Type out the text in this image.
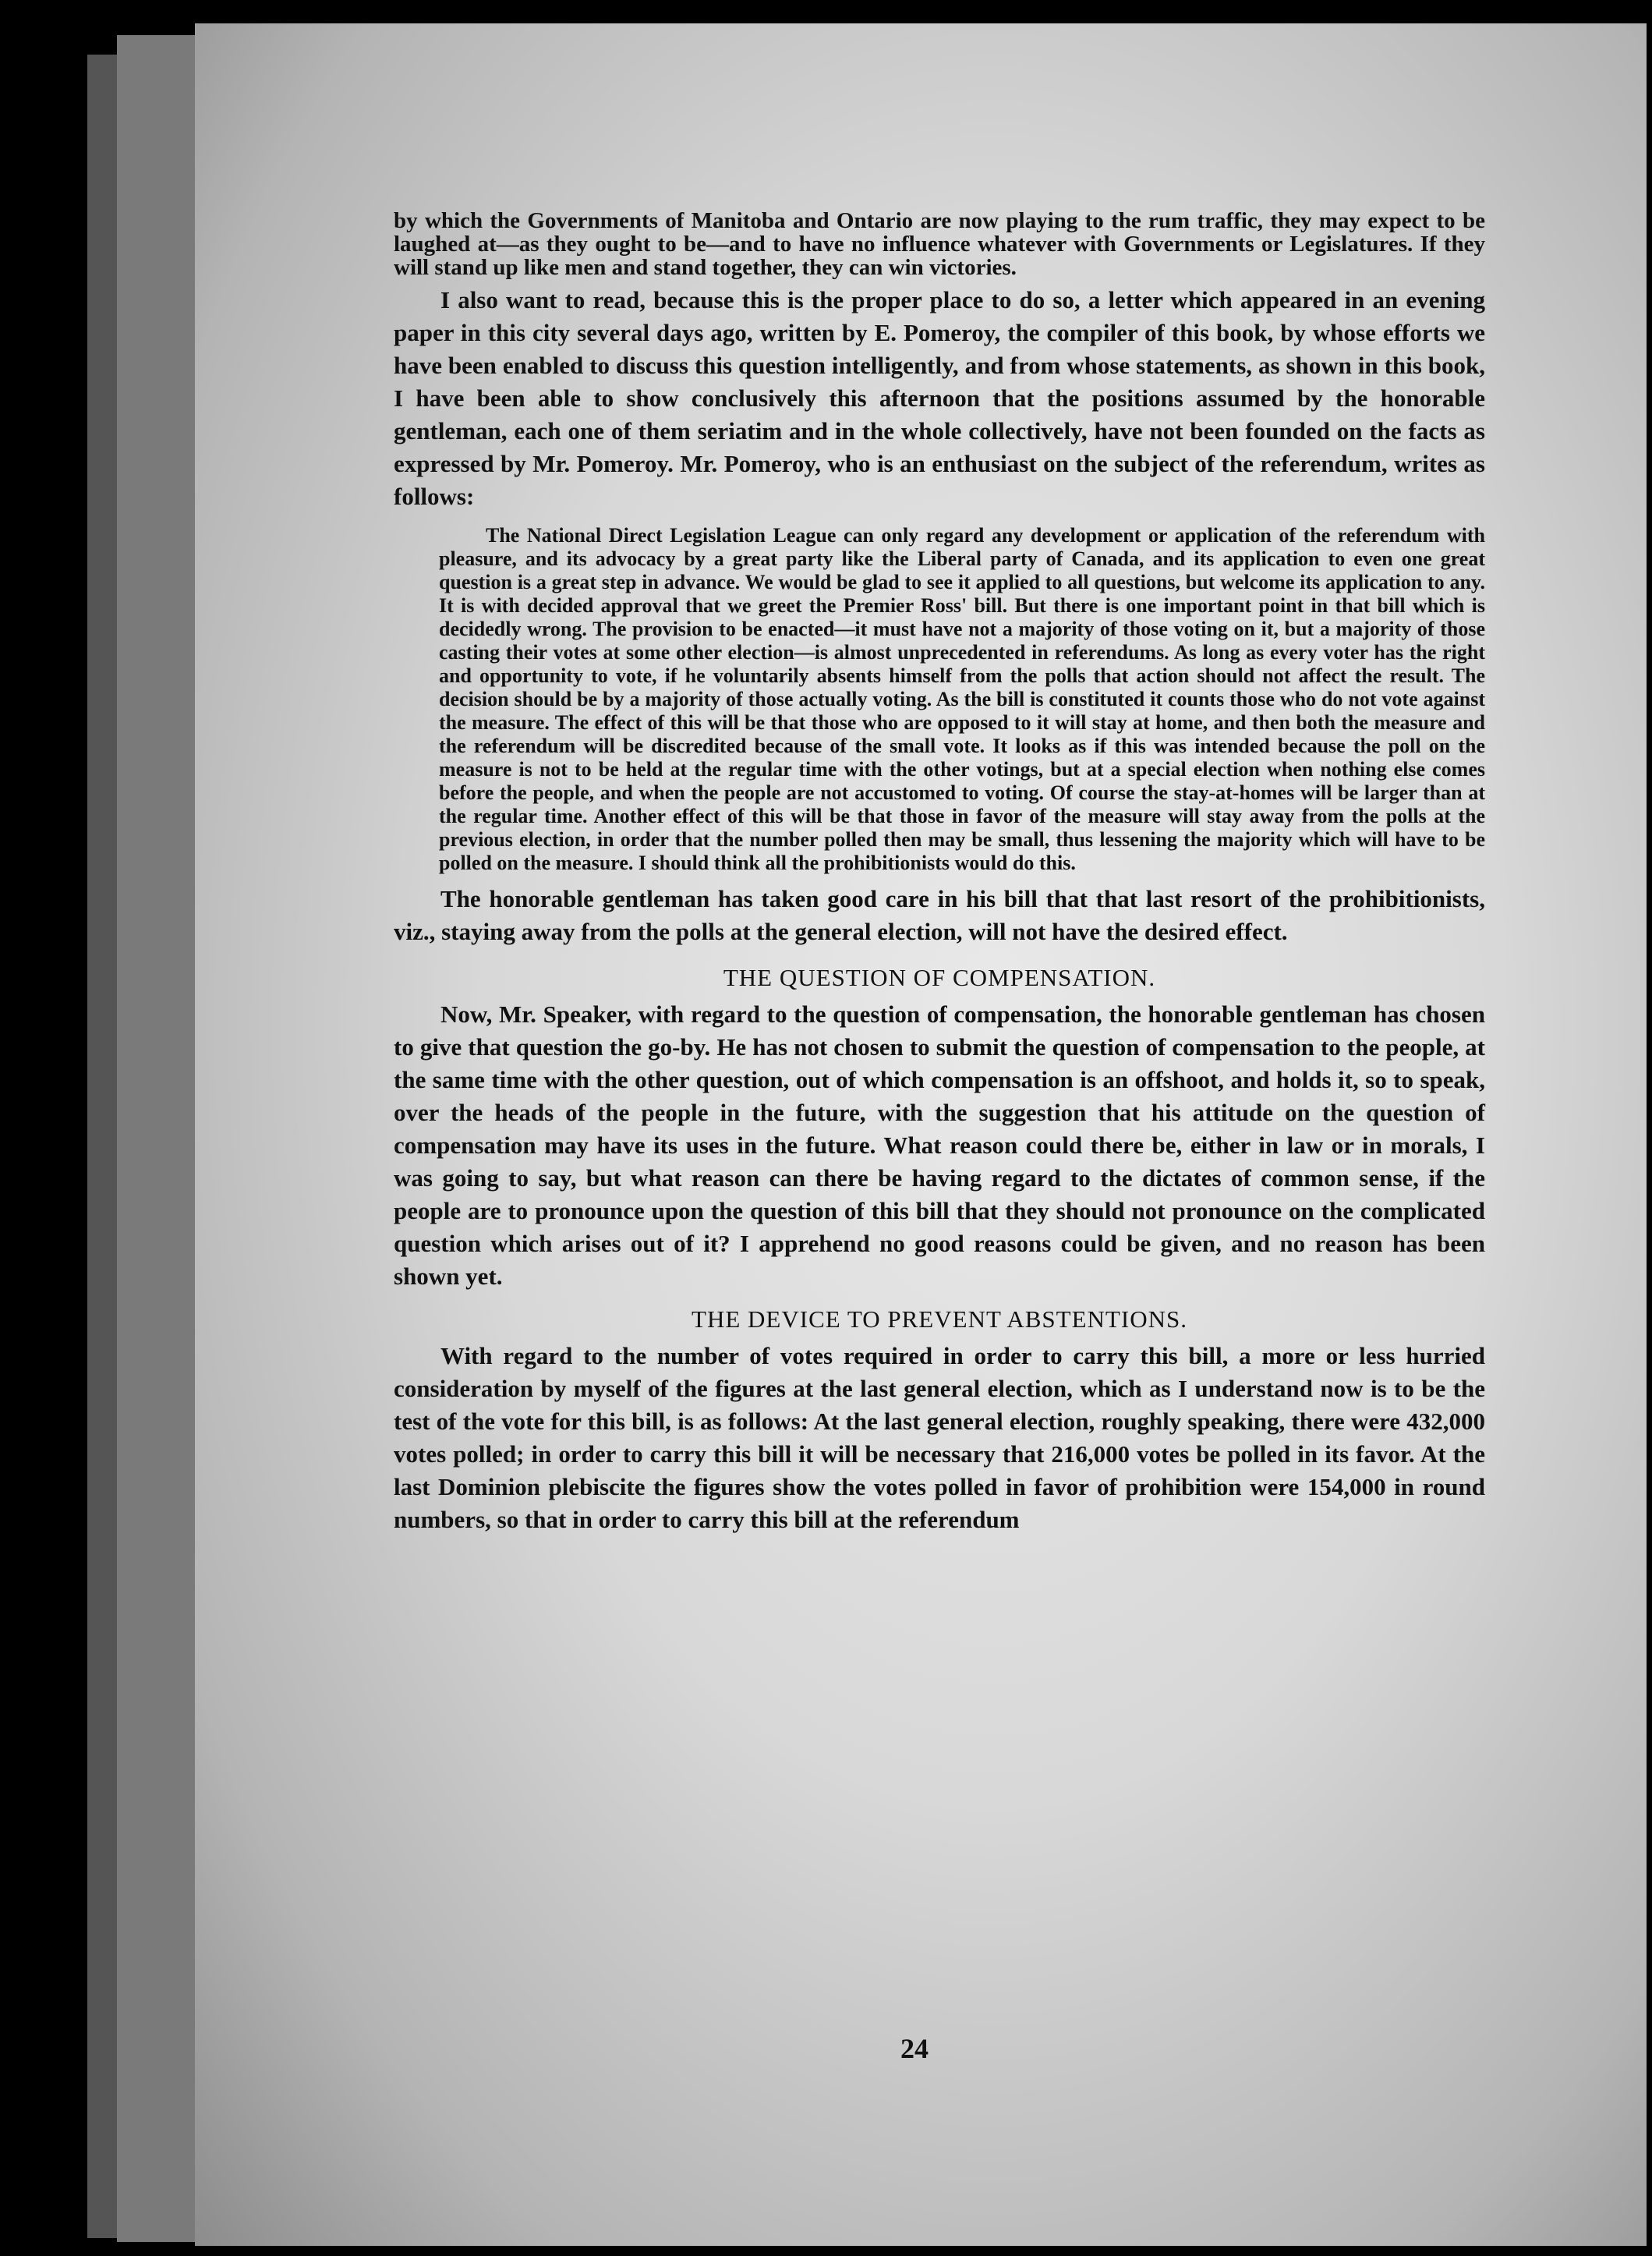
by which the Governments of Manitoba and Ontario are now playing to the rum traffic, they may expect to be laughed at—as they ought to be—and to have no influence whatever with Governments or Legislatures. If they will stand up like men and stand together, they can win victories.

I also want to read, because this is the proper place to do so, a letter which appeared in an evening paper in this city several days ago, written by E. Pomeroy, the compiler of this book, by whose efforts we have been enabled to discuss this question intelligently, and from whose statements, as shown in this book, I have been able to show conclusively this afternoon that the positions assumed by the honorable gentleman, each one of them seriatim and in the whole collectively, have not been founded on the facts as expressed by Mr. Pomeroy. Mr. Pomeroy, who is an enthusiast on the subject of the referendum, writes as follows:

The National Direct Legislation League can only regard any development or application of the referendum with pleasure, and its advocacy by a great party like the Liberal party of Canada, and its application to even one great question is a great step in advance. We would be glad to see it applied to all questions, but welcome its application to any. It is with decided approval that we greet the Premier Ross' bill. But there is one important point in that bill which is decidedly wrong. The provision to be enacted—it must have not a majority of those voting on it, but a majority of those casting their votes at some other election—is almost unprecedented in referendums. As long as every voter has the right and opportunity to vote, if he voluntarily absents himself from the polls that action should not affect the result. The decision should be by a majority of those actually voting. As the bill is constituted it counts those who do not vote against the measure. The effect of this will be that those who are opposed to it will stay at home, and then both the measure and the referendum will be discredited because of the small vote. It looks as if this was intended because the poll on the measure is not to be held at the regular time with the other votings, but at a special election when nothing else comes before the people, and when the people are not accustomed to voting. Of course the stay-at-homes will be larger than at the regular time. Another effect of this will be that those in favor of the measure will stay away from the polls at the previous election, in order that the number polled then may be small, thus lessening the majority which will have to be polled on the measure. I should think all the prohibitionists would do this.

The honorable gentleman has taken good care in his bill that that last resort of the prohibitionists, viz., staying away from the polls at the general election, will not have the desired effect.

THE QUESTION OF COMPENSATION.

Now, Mr. Speaker, with regard to the question of compensation, the honorable gentleman has chosen to give that question the go-by. He has not chosen to submit the question of compensation to the people, at the same time with the other question, out of which compensation is an offshoot, and holds it, so to speak, over the heads of the people in the future, with the suggestion that his attitude on the question of compensation may have its uses in the future. What reason could there be, either in law or in morals, I was going to say, but what reason can there be having regard to the dictates of common sense, if the people are to pronounce upon the question of this bill that they should not pronounce on the complicated question which arises out of it? I apprehend no good reasons could be given, and no reason has been shown yet.

THE DEVICE TO PREVENT ABSTENTIONS.

With regard to the number of votes required in order to carry this bill, a more or less hurried consideration by myself of the figures at the last general election, which as I understand now is to be the test of the vote for this bill, is as follows: At the last general election, roughly speaking, there were 432,000 votes polled; in order to carry this bill it will be necessary that 216,000 votes be polled in its favor. At the last Dominion plebiscite the figures show the votes polled in favor of prohibition were 154,000 in round numbers, so that in order to carry this bill at the referendum

24
